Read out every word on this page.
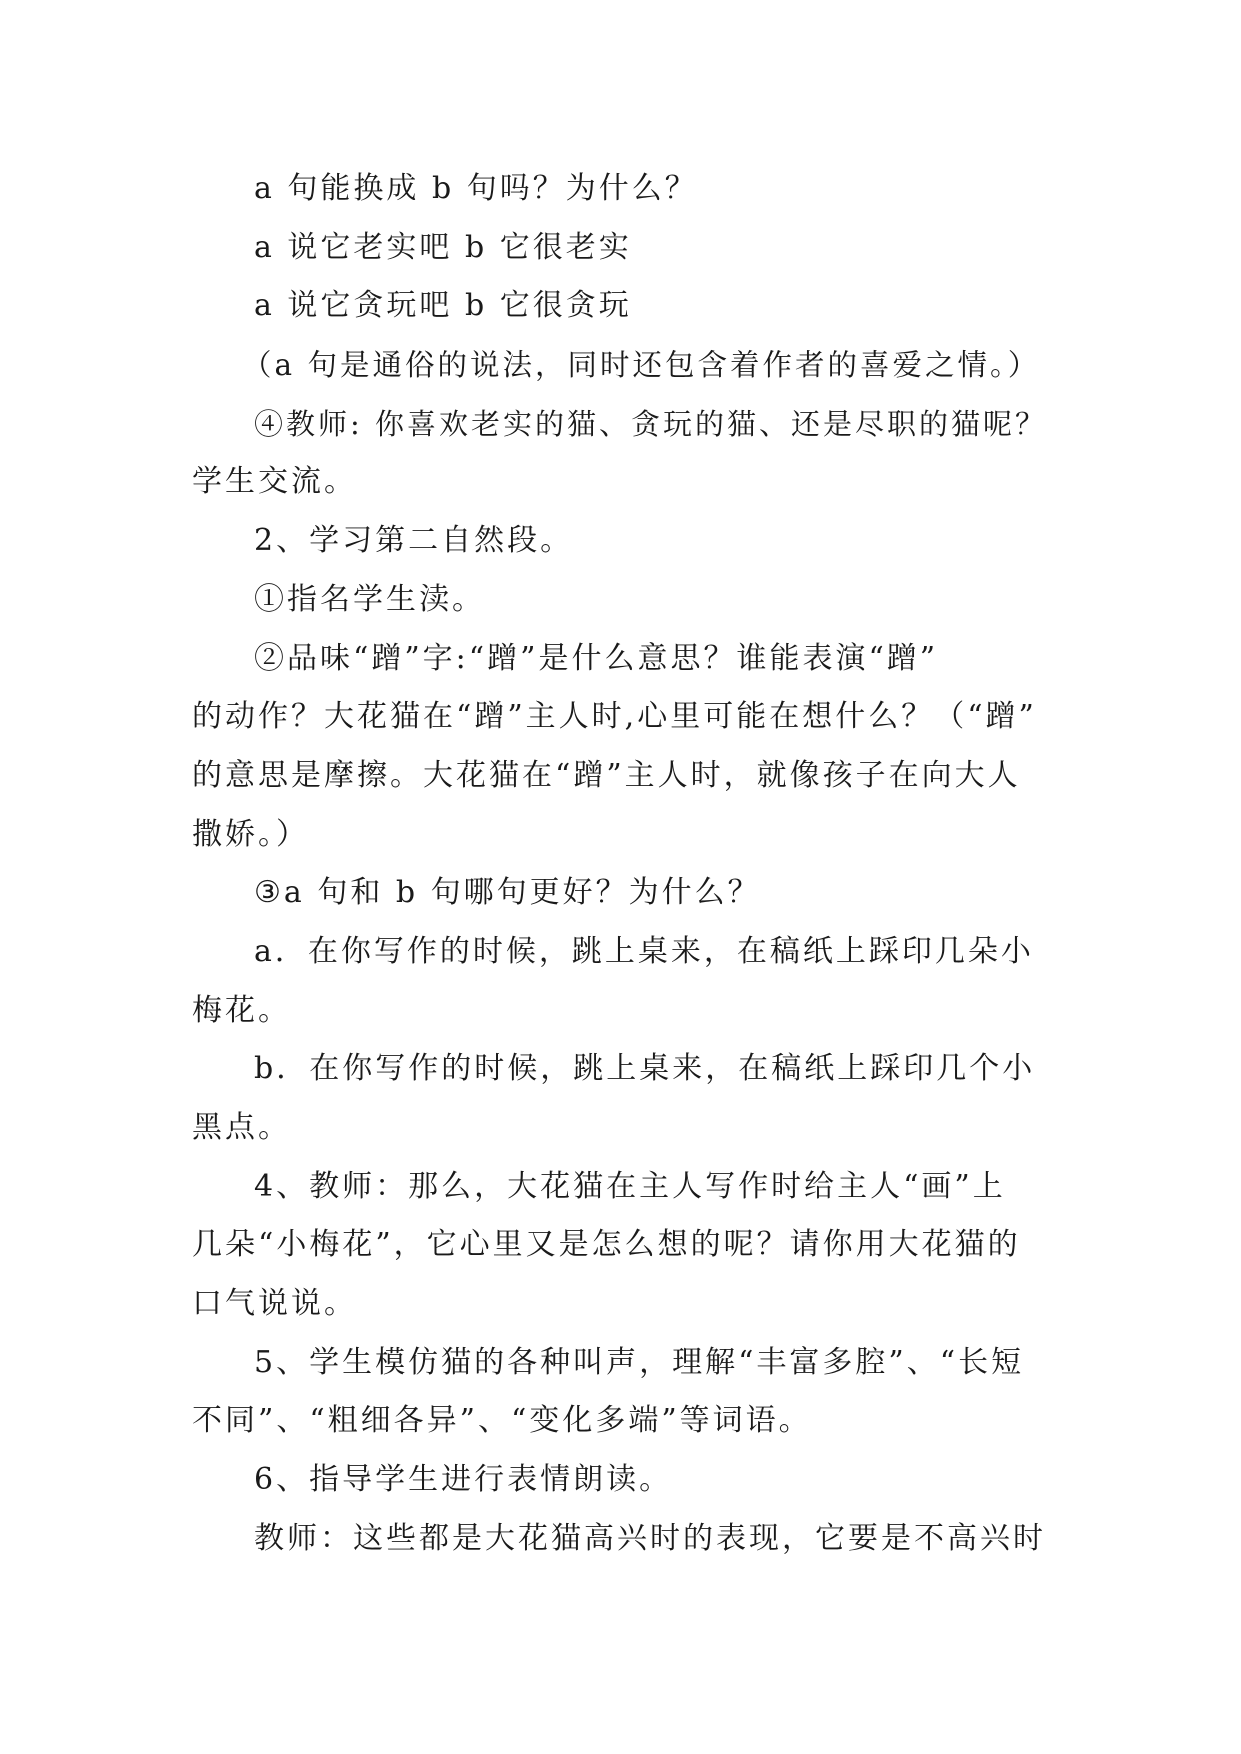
a 句能换成 b 句吗？为什么？
a 说它老实吧 b 它很老实
a 说它贪玩吧 b 它很贪玩
（a 句是通俗的说法，同时还包含着作者的喜爱之情。）
④教师: 你喜欢老实的猫、贪玩的猫、还是尽职的猫呢？
学生交流。
2、学习第二自然段。
①指名学生渎。
②品味“蹭”字:“蹭”是什么意思？谁能表演“蹭”
的动作？大花猫在“蹭”主人时,心里可能在想什么？（“蹭”
的意思是摩擦。大花猫在“蹭”主人时，就像孩子在向大人
撒娇。）
③a 句和 b 句哪句更好？为什么？
a．在你写作的时候，跳上桌来，在稿纸上踩印几朵小
梅花。
b．在你写作的时候，跳上桌来，在稿纸上踩印几个小
黑点。
4、教师：那么，大花猫在主人写作时给主人“画”上
几朵“小梅花”，它心里又是怎么想的呢？请你用大花猫的
口气说说。
5、学生模仿猫的各种叫声，理解“丰富多腔”、“长短
不同”、“粗细各异”、“变化多端”等词语。
6、指导学生进行表情朗读。
教师：这些都是大花猫高兴时的表现，它要是不高兴时
